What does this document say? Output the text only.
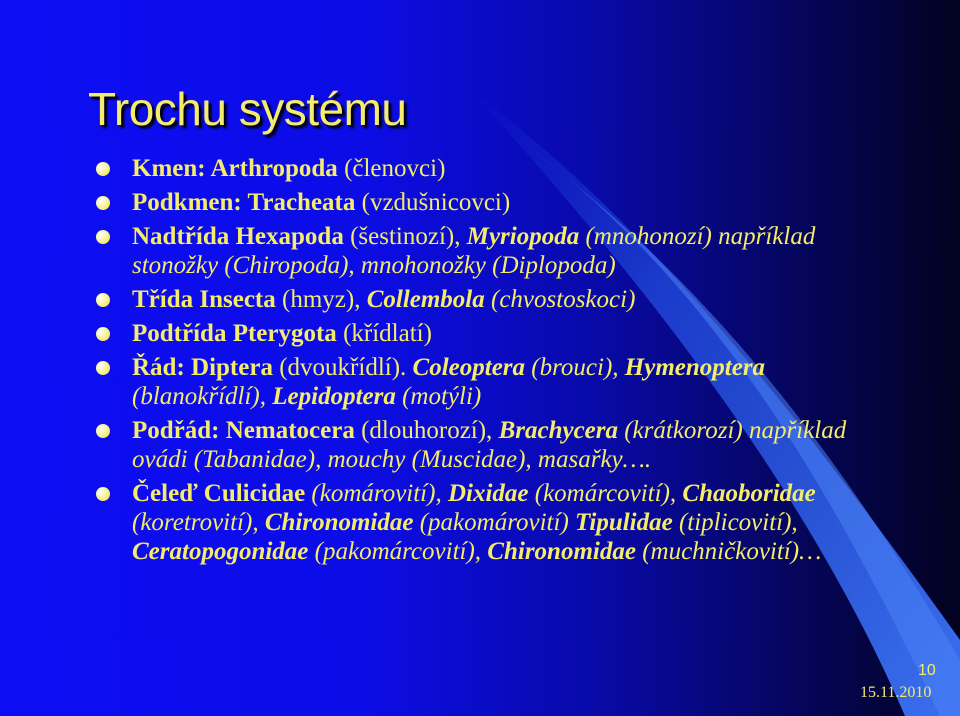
Trochu systému
Kmen: Arthropoda (členovci)
Podkmen: Tracheata (vzdušnicovci)
Nadtřída Hexapoda (šestinozí), Myriopoda (mnohonozí) například stonožky (Chiropoda), mnohonožky (Diplopoda)
Třída Insecta (hmyz), Collembola (chvostoskoci)
Podtřída Pterygota (křídlatí)
Řád: Diptera (dvoukřídlí). Coleoptera (brouci), Hymenoptera (blanokřídlí), Lepidoptera (motýli)
Podřád: Nematocera (dlouhorozí), Brachycera (krátkorozí) například ovádi (Tabanidae), mouchy (Muscidae), masařky….
Čeleď Culicidae (komárovití), Dixidae (komárcovití), Chaoboridae (koretrovití), Chironomidae (pakomárovití) Tipulidae (tiplicovití), Ceratopogonidae (pakomárcovití), Chironomidae (muchničkovití)…
10
15.11.2010
